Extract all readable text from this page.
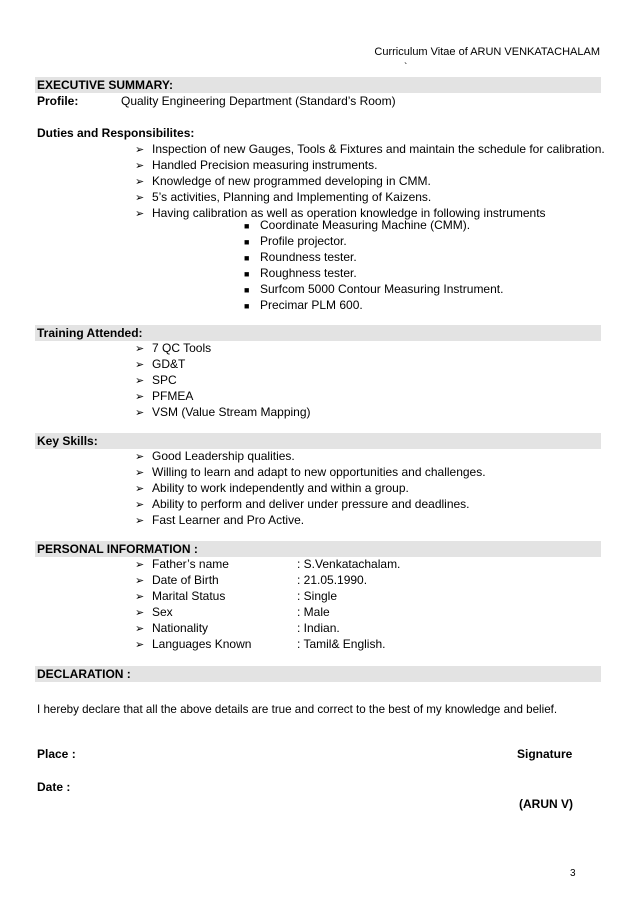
Curriculum Vitae of ARUN VENKATACHALAM
`
EXECUTIVE SUMMARY:
Profile:	Quality Engineering Department (Standard’s Room)
Duties and Responsibilites:
➢ Inspection of new Gauges, Tools & Fixtures and maintain the schedule for calibration.
➢ Handled Precision measuring instruments.
➢ Knowledge of new programmed developing in CMM.
➢ 5’s activities, Planning and Implementing of Kaizens.
➢ Having calibration as well as operation knowledge in following instruments
■ Coordinate Measuring Machine (CMM).
■ Profile projector.
■ Roundness tester.
■ Roughness tester.
■ Surfcom 5000 Contour Measuring Instrument.
■ Precimar PLM 600.
Training Attended:
➢ 7 QC Tools
➢ GD&T
➢ SPC
➢ PFMEA
➢ VSM (Value Stream Mapping)
Key Skills:
➢ Good Leadership qualities.
➢ Willing to learn and adapt to new opportunities and challenges.
➢ Ability to work independently and within a group.
➢ Ability to perform and deliver under pressure and deadlines.
➢ Fast Learner and Pro Active.
PERSONAL INFORMATION :
➢ Father’s name	: S.Venkatachalam.
➢ Date of Birth	: 21.05.1990.
➢ Marital Status	: Single
➢ Sex	: Male
➢ Nationality	: Indian.
➢ Languages Known	: Tamil& English.
DECLARATION :
I hereby declare that all the above details are true and correct to the best of my knowledge and belief.
Place :	Signature
Date :
(ARUN V)
3
